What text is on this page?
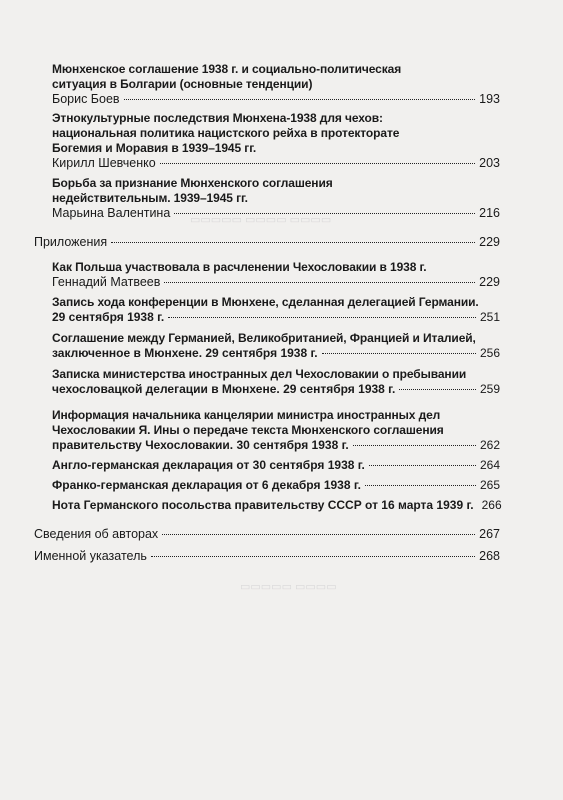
▭▭▭▭▭ ▭▭▭▭ ▭▭▭▭
▭▭▭▭▭ ▭▭▭▭
Мюнхенское соглашение 1938 г. и социально-политическая
ситуация в Болгарии (основные тенденции)
Борис Боев	193
Этнокультурные последствия Мюнхена-1938 для чехов:
национальная политика нацистского рейха в протекторате
Богемия и Моравия в 1939–1945 гг.
Кирилл Шевченко	203
Борьба за признание Мюнхенского соглашения
недействительным. 1939–1945 гг.
Марьина Валентина	216
Приложения	229
Как Польша участвовала в расчленении Чехословакии в 1938 г.
Геннадий Матвеев	229
Запись хода конференции в Мюнхене, сделанная делегацией Германии.
29 сентября 1938 г.	251
Соглашение между Германией, Великобританией, Францией и Италией,
заключенное в Мюнхене. 29 сентября 1938 г.	256
Записка министерства иностранных дел Чехословакии о пребывании
чехословацкой делегации в Мюнхене. 29 сентября 1938 г.	259
Информация начальника канцелярии министра иностранных дел
Чехословакии Я. Ины о передаче текста Мюнхенского соглашения
правительству Чехословакии. 30 сентября 1938 г.	262
Англо-германская декларация от 30 сентября 1938 г.	264
Франко-германская декларация от 6 декабря 1938 г.	265
Нота Германского посольства правительству СССР от 16 марта 1939 г. 266
Сведения об авторах	267
Именной указатель	268
